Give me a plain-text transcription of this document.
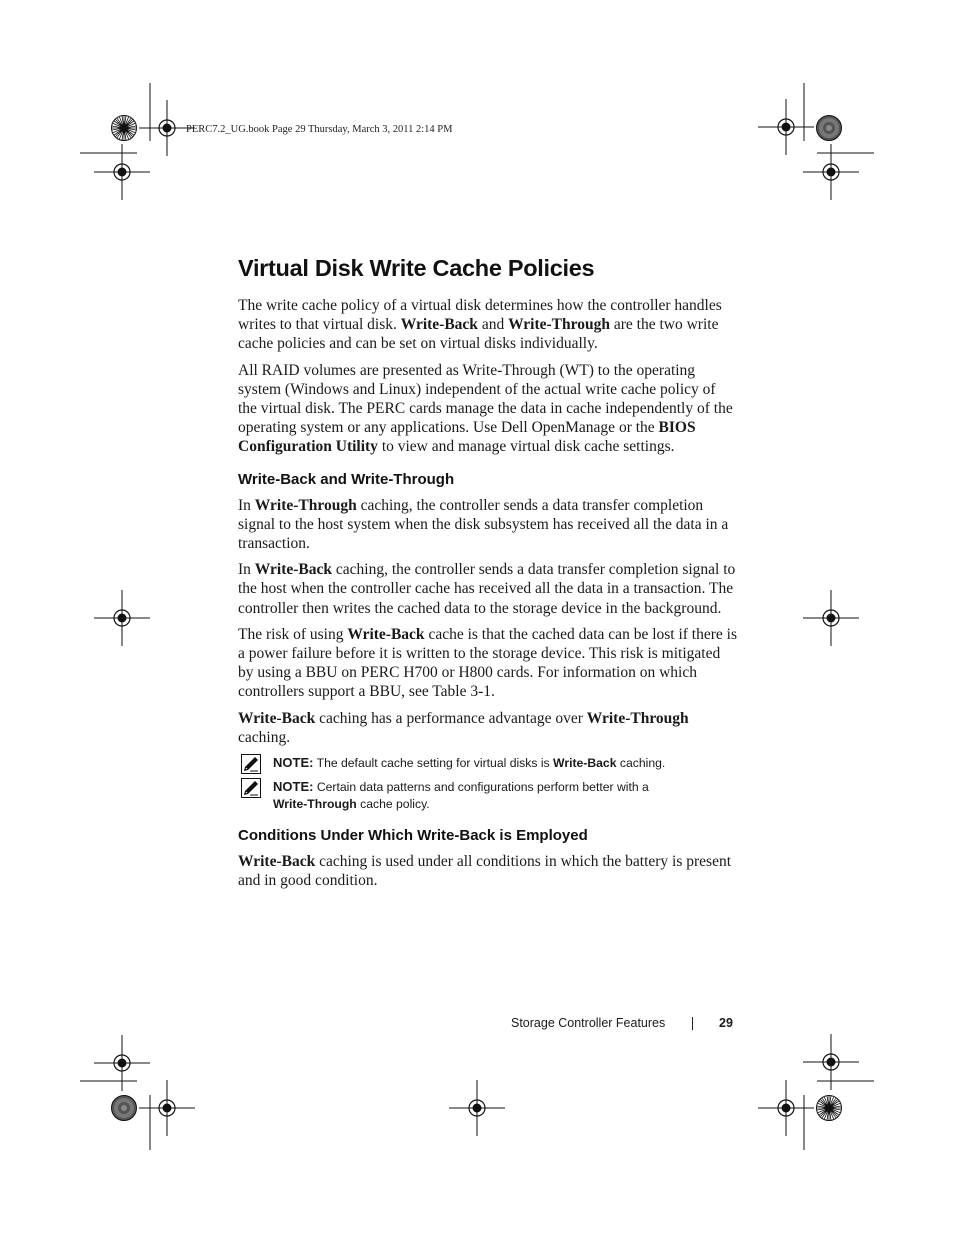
PERC7.2_UG.book Page 29 Thursday, March 3, 2011 2:14 PM
Virtual Disk Write Cache Policies

The write cache policy of a virtual disk determines how the controller handles writes to that virtual disk. Write-Back and Write-Through are the two write cache policies and can be set on virtual disks individually.

All RAID volumes are presented as Write-Through (WT) to the operating system (Windows and Linux) independent of the actual write cache policy of the virtual disk. The PERC cards manage the data in cache independently of the operating system or any applications. Use Dell OpenManage or the BIOS Configuration Utility to view and manage virtual disk cache settings.

Write-Back and Write-Through

In Write-Through caching, the controller sends a data transfer completion signal to the host system when the disk subsystem has received all the data in a transaction.

In Write-Back caching, the controller sends a data transfer completion signal to the host when the controller cache has received all the data in a transaction. The controller then writes the cached data to the storage device in the background.

The risk of using Write-Back cache is that the cached data can be lost if there is a power failure before it is written to the storage device. This risk is mitigated by using a BBU on PERC H700 or H800 cards. For information on which controllers support a BBU, see Table 3-1.

Write-Back caching has a performance advantage over Write-Through caching.

NOTE: The default cache setting for virtual disks is Write-Back caching.
NOTE: Certain data patterns and configurations perform better with a
Write-Through cache policy.
Conditions Under Which Write-Back is Employed

Write-Back caching is used under all conditions in which the battery is present and in good condition.

Storage Controller Features	29
